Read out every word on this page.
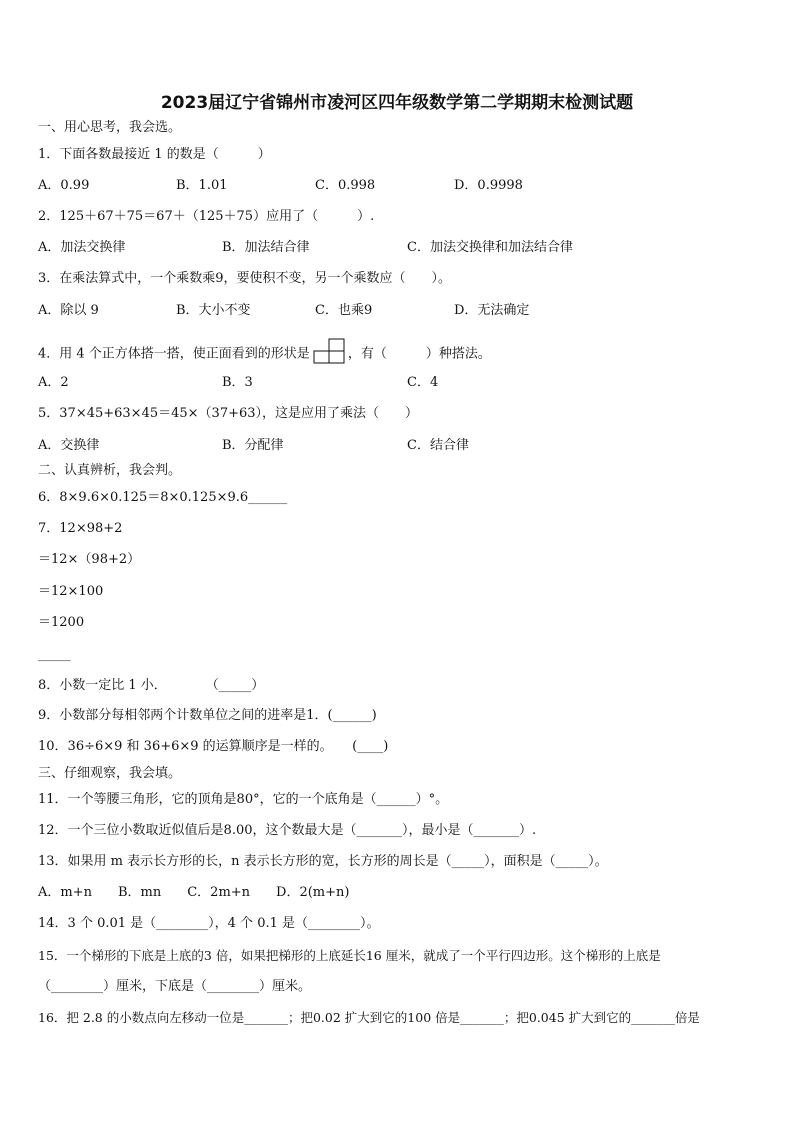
2023届辽宁省锦州市凌河区四年级数学第二学期期末检测试题
一、用心思考，我会选。
1．下面各数最接近 1 的数是（　　　）
A．0.99	B．1.01	C．0.998	D．0.9998
2．125＋67＋75＝67＋（125＋75）应用了（　　　）.
A．加法交换律	B．加法结合律	C．加法交换律和加法结合律
3．在乘法算式中，一个乘数乘9，要使积不变，另一个乘数应（　　）。
A．除以 9	B．大小不变	C．也乘9	D．无法确定
4．用 4 个正方体搭一搭，使正面看到的形状是	，有（　　　）种搭法。
A．2	B．3	C．4
5．37×45+63×45＝45×（37+63），这是应用了乘法（　　）
A．交换律	B．分配律	C．结合律
二、认真辨析，我会判。
6．8×9.6×0.125＝8×0.125×9.6______
7．12×98+2
＝12×（98+2）
＝12×100
＝1200
_____
8．小数一定比 1 小．　　　　（_____）
9．小数部分每相邻两个计数单位之间的进率是1．(______)
10．36÷6×9 和 36+6×9 的运算顺序是一样的。　　(____)
三、仔细观察，我会填。
11．一个等腰三角形，它的顶角是80°，它的一个底角是（______）°。
12．一个三位小数取近似值后是8.00，这个数最大是（_______），最小是（_______）.
13．如果用 m 表示长方形的长，n 表示长方形的宽，长方形的周长是（_____），面积是（_____）。
A．m+n　　B．mn　　C．2m+n　　D．2(m+n)
14．3 个 0.01 是（________），4 个 0.1 是（________）。
15．一个梯形的下底是上底的3 倍，如果把梯形的上底延长16 厘米，就成了一个平行四边形。这个梯形的上底是
（________）厘米，下底是（________）厘米。
16．把 2.8 的小数点向左移动一位是_______；把0.02 扩大到它的100 倍是_______；把0.045 扩大到它的_______倍是
